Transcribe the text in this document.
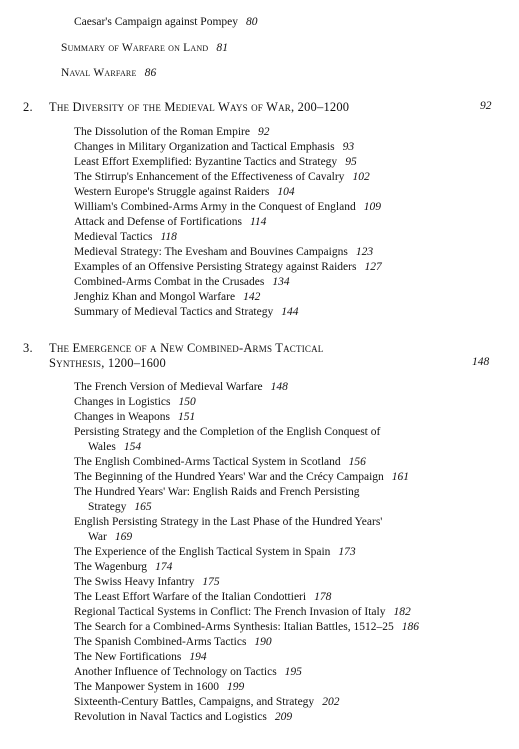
Caesar's Campaign against Pompey 80
Summary of Warfare on Land 81
Naval Warfare 86
2. The Diversity of the Medieval Ways of War, 200–1200	92
The Dissolution of the Roman Empire 92
Changes in Military Organization and Tactical Emphasis 93
Least Effort Exemplified: Byzantine Tactics and Strategy 95
The Stirrup's Enhancement of the Effectiveness of Cavalry 102
Western Europe's Struggle against Raiders 104
William's Combined-Arms Army in the Conquest of England 109
Attack and Defense of Fortifications 114
Medieval Tactics 118
Medieval Strategy: The Evesham and Bouvines Campaigns 123
Examples of an Offensive Persisting Strategy against Raiders 127
Combined-Arms Combat in the Crusades 134
Jenghiz Khan and Mongol Warfare 142
Summary of Medieval Tactics and Strategy 144
3. The Emergence of a New Combined-Arms Tactical
Synthesis, 1200–1600	148
The French Version of Medieval Warfare 148
Changes in Logistics 150
Changes in Weapons 151
Persisting Strategy and the Completion of the English Conquest of
Wales 154
The English Combined-Arms Tactical System in Scotland 156
The Beginning of the Hundred Years' War and the Crécy Campaign 161
The Hundred Years' War: English Raids and French Persisting
Strategy 165
English Persisting Strategy in the Last Phase of the Hundred Years'
War 169
The Experience of the English Tactical System in Spain 173
The Wagenburg 174
The Swiss Heavy Infantry 175
The Least Effort Warfare of the Italian Condottieri 178
Regional Tactical Systems in Conflict: The French Invasion of Italy 182
The Search for a Combined-Arms Synthesis: Italian Battles, 1512–25 186
The Spanish Combined-Arms Tactics 190
The New Fortifications 194
Another Influence of Technology on Tactics 195
The Manpower System in 1600 199
Sixteenth-Century Battles, Campaigns, and Strategy 202
Revolution in Naval Tactics and Logistics 209
